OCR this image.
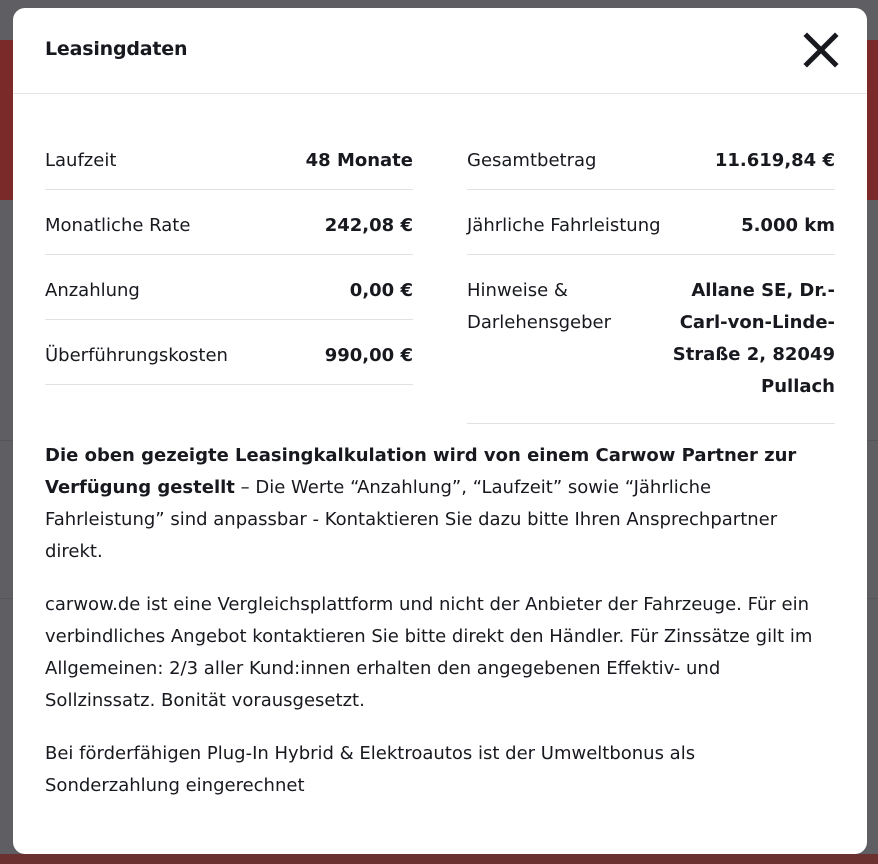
Leasingdaten
Laufzeit	48 Monate
Monatliche Rate	242,08 €
Anzahlung	0,00 €
Überführungskosten	990,00 €
Gesamtbetrag	11.619,84 €
Jährliche Fahrleistung	5.000 km
Hinweise & Darlehensgeber
Allane SE, Dr.-Carl-von-Linde-Straße 2, 82049 Pullach

Die oben gezeigte Leasingkalkulation wird von einem Carwow Partner zur Verfügung gestellt – Die Werte “Anzahlung”, “Laufzeit” sowie “Jährliche Fahrleistung” sind anpassbar - Kontaktieren Sie dazu bitte Ihren Ansprechpartner direkt.

carwow.de ist eine Vergleichsplattform und nicht der Anbieter der Fahrzeuge. Für ein verbindliches Angebot kontaktieren Sie bitte direkt den Händler. Für Zinssätze gilt im Allgemeinen: 2/3 aller Kund:innen erhalten den angegebenen Effektiv- und Sollzinssatz. Bonität vorausgesetzt.

Bei förderfähigen Plug-In Hybrid & Elektroautos ist der Umweltbonus als Sonderzahlung eingerechnet
